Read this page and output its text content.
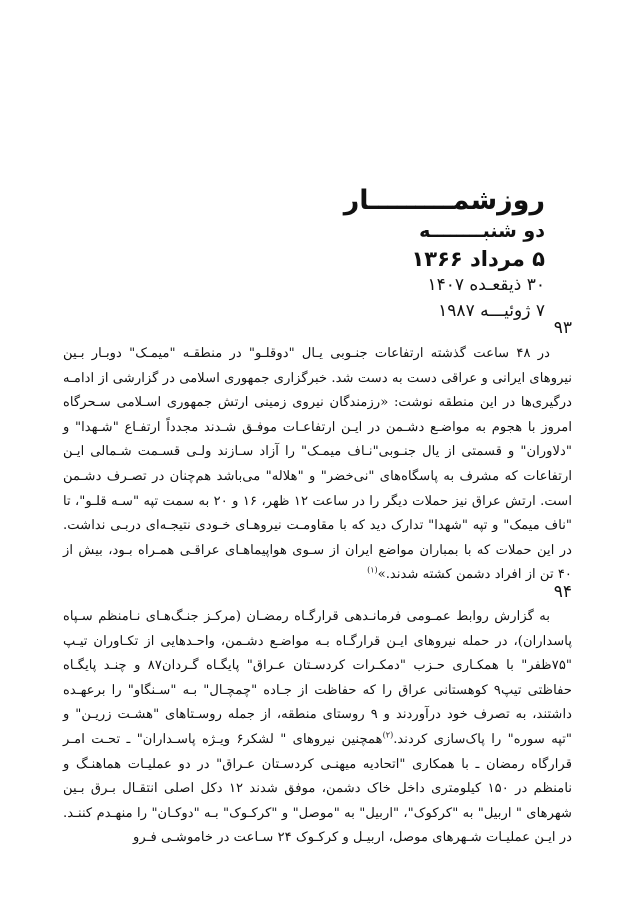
روزشمـــــــــار
دو شنبــــــــه
۵ مرداد ۱۳۶۶
۳۰ ذیقعـده ۱۴۰۷
۷ ژوئیـــه ۱۹۸۷
۹۳

در ۴۸ ساعت گذشته ارتفاعات جنـوبی یـال "دوقلـو" در منطقـه "میمـک" دوبـار بـین نیروهای ایرانی و عراقی دست به دست شد. خبرگزاری جمهوری اسلامی در گزارشی از ادامـه درگیری‌ها در این منطقه نوشت: «رزمندگان نیروی زمینی ارتش جمهوری اسـلامی سـحرگاه امروز با هجوم به مواضـع دشـمن در ایـن ارتفاعـات موفـق شـدند مجدداً ارتفـاع "شـهدا" و "دلاوران" و قسمتی از یال جنـوبی"نـاف میمـک" را آزاد سـازند ولـی قسـمت شـمالی ایـن ارتفاعات که مشرف به پاسگاه‌های "نی‌خضر" و "هلاله" می‌باشد هم‌چنان در تصـرف دشـمن است. ارتش عراق نیز حملات دیگر را در ساعت ۱۲ ظهر، ۱۶ و ۲۰ به سمت تپه "سـه قلـو"، تا "ناف میمک" و تپه "شهدا" تدارک دید که با مقاومـت نیروهـای خـودی نتیجـه‌ای دربـی نداشت. در این حملات که با بمباران مواضع ایران از سـوی هواپیماهـای عراقـی همـراه بـود، بیش از ۴۰ تن از افراد دشمن کشته شدند.»$^{(۱)}$

۹۴

به گزارش روابط عمـومی فرمانـدهی قرارگـاه رمضـان (مرکـز جنـگ‌هـای نـامنظم سـپاه پاسداران)، در حمله نیروهای ایـن قرارگـاه بـه مواضـع دشـمن، واحـدهایی از تکـاوران تیـپ "۷۵ظفر" با همکـاری حـزب "دمکـرات کردسـتان عـراق" پایگـاه گـردان۸۷ و چنـد پایگـاه حفاظتی تیپ۹ کوهستانی عراق را که حفاظت از جـاده "چمچـال" بـه "سـنگاو" را برعهـده داشتند، به تصرف خود درآوردند و ۹ روستای منطقه، از جمله روسـتاهای "هشـت زریـن" و "تپه سوره" را پاک‌سازی کردند.$^{(۲)}$همچنین نیروهای " لشکر۶ ویـژه پاسـداران" ـ تحـت امـر قرارگاه رمضان ـ با همکاری "اتحادیه میهنـی کردسـتان عـراق" در دو عملیـات هماهنـگ و نامنظم در ۱۵۰ کیلومتری داخل خاک دشمن، موفق شدند ۱۲ دکل اصلی انتقـال بـرق بـین شهرهای " اربیل" به "کرکوک"، "اربیل" به "موصل" و "کرکـوک" بـه "دوکـان" را منهـدم کننـد. در ایـن عملیـات شـهرهای موصل، اربیـل و کرکـوک ۲۴ سـاعت در خاموشـی فـرو
